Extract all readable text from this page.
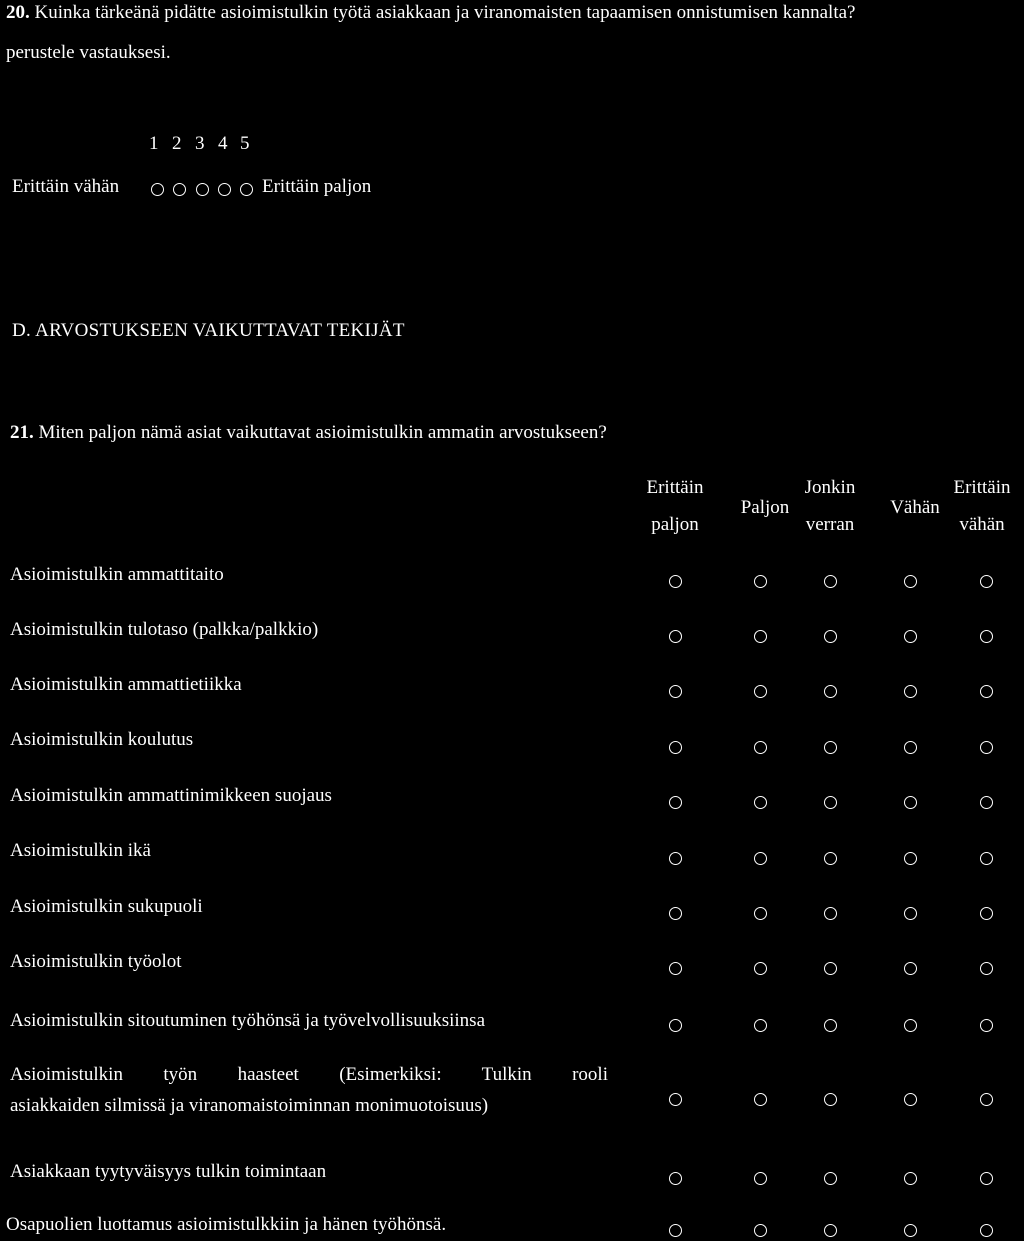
20. Kuinka tärkeänä pidätte asioimistulkin työtä asiakkaan ja viranomaisten tapaamisen onnistumisen kannalta?
perustele vastauksesi.
1 2 3 4 5
Erittäin vähän	Erittäin paljon
D. ARVOSTUKSEEN VAIKUTTAVAT TEKIJÄT
21. Miten paljon nämä asiat vaikuttavat asioimistulkin ammatin arvostukseen?
Erittäin
paljon
Paljon
Jonkin
verran
Vähän
Erittäin
vähän
Asioimistulkin ammattitaito
Asioimistulkin tulotaso (palkka/palkkio)
Asioimistulkin ammattietiikka
Asioimistulkin koulutus
Asioimistulkin ammattinimikkeen suojaus
Asioimistulkin ikä
Asioimistulkin sukupuoli
Asioimistulkin työolot
Asioimistulkin sitoutuminen työhönsä ja työvelvollisuuksiinsa
Asioimistulkin työn haasteet (Esimerkiksi: Tulkin rooli
asiakkaiden silmissä ja viranomaistoiminnan monimuotoisuus)
Asiakkaan tyytyväisyys tulkin toimintaan
Osapuolien luottamus asioimistulkkiin ja hänen työhönsä.
